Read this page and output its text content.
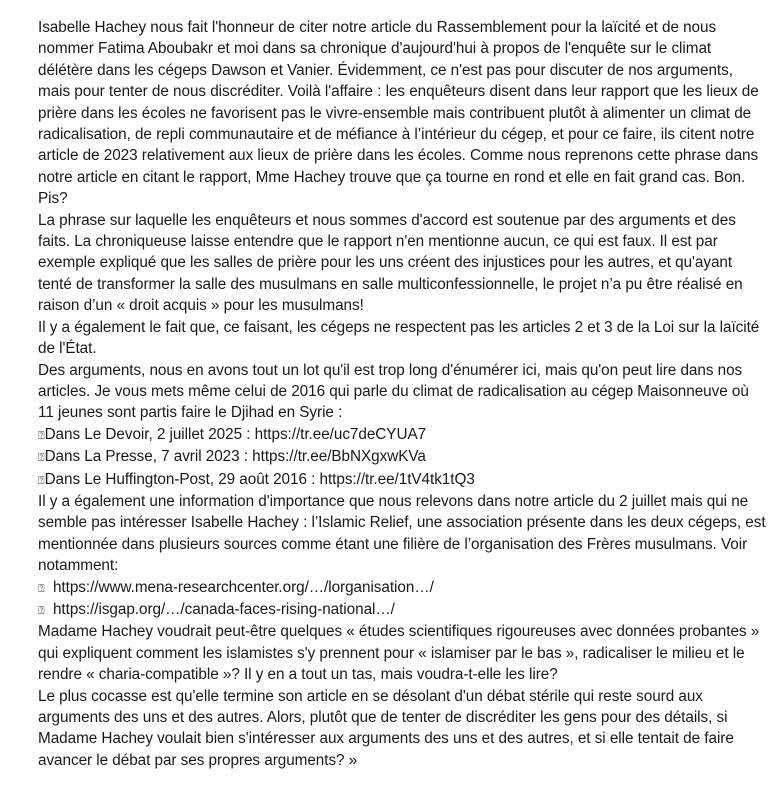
Isabelle Hachey nous fait l'honneur de citer notre article du Rassemblement pour la laïcité et de nous nommer Fatima Aboubakr et moi dans sa chronique d'aujourd'hui à propos de l'enquête sur le climat délétère dans les cégeps Dawson et Vanier. Évidemment, ce n'est pas pour discuter de nos arguments, mais pour tenter de nous discréditer. Voilà l'affaire : les enquêteurs disent dans leur rapport que les lieux de prière dans les écoles ne favorisent pas le vivre-ensemble mais contribuent plutôt à alimenter un climat de radicalisation, de repli communautaire et de méfiance à l’intérieur du cégep, et pour ce faire, ils citent notre article de 2023 relativement aux lieux de prière dans les écoles. Comme nous reprenons cette phrase dans notre article en citant le rapport, Mme Hachey trouve que ça tourne en rond et elle en fait grand cas. Bon. Pis?

La phrase sur laquelle les enquêteurs et nous sommes d'accord est soutenue par des arguments et des faits. La chroniqueuse laisse entendre que le rapport n'en mentionne aucun, ce qui est faux. Il est par exemple expliqué que les salles de prière pour les uns créent des injustices pour les autres, et qu'ayant tenté de transformer la salle des musulmans en salle multiconfessionnelle, le projet n’a pu être réalisé en raison d’un « droit acquis » pour les musulmans!

Il y a également le fait que, ce faisant, les cégeps ne respectent pas les articles 2 et 3 de la Loi sur la laïcité de l'État.

Des arguments, nous en avons tout un lot qu'il est trop long d'énumérer ici, mais qu'on peut lire dans nos articles. Je vous mets même celui de 2016 qui parle du climat de radicalisation au cégep Maisonneuve où 11 jeunes sont partis faire le Djihad en Syrie :

⍰Dans Le Devoir, 2 juillet 2025 : https://tr.ee/uc7deCYUA7
⍰Dans La Presse, 7 avril 2023 : https://tr.ee/BbNXgxwKVa
⍰Dans Le Huffington-Post, 29 août 2016 : https://tr.ee/1tV4tk1tQ3

Il y a également une information d'importance que nous relevons dans notre article du 2 juillet mais qui ne semble pas intéresser Isabelle Hachey : l’Islamic Relief, une association présente dans les deux cégeps, est mentionnée dans plusieurs sources comme étant une filière de l’organisation des Frères musulmans. Voir notamment:

⍰ https://www.mena-researchcenter.org/…/lorganisation…/
⍰ https://isgap.org/…/canada-faces-rising-national…/

Madame Hachey voudrait peut-être quelques « études scientifiques rigoureuses avec données probantes » qui expliquent comment les islamistes s'y prennent pour « islamiser par le bas », radicaliser le milieu et le rendre « charia-compatible »? Il y en a tout un tas, mais voudra-t-elle les lire?

Le plus cocasse est qu'elle termine son article en se désolant d'un débat stérile qui reste sourd aux arguments des uns et des autres. Alors, plutôt que de tenter de discréditer les gens pour des détails, si Madame Hachey voulait bien s'intéresser aux arguments des uns et des autres, et si elle tentait de faire avancer le débat par ses propres arguments? »
